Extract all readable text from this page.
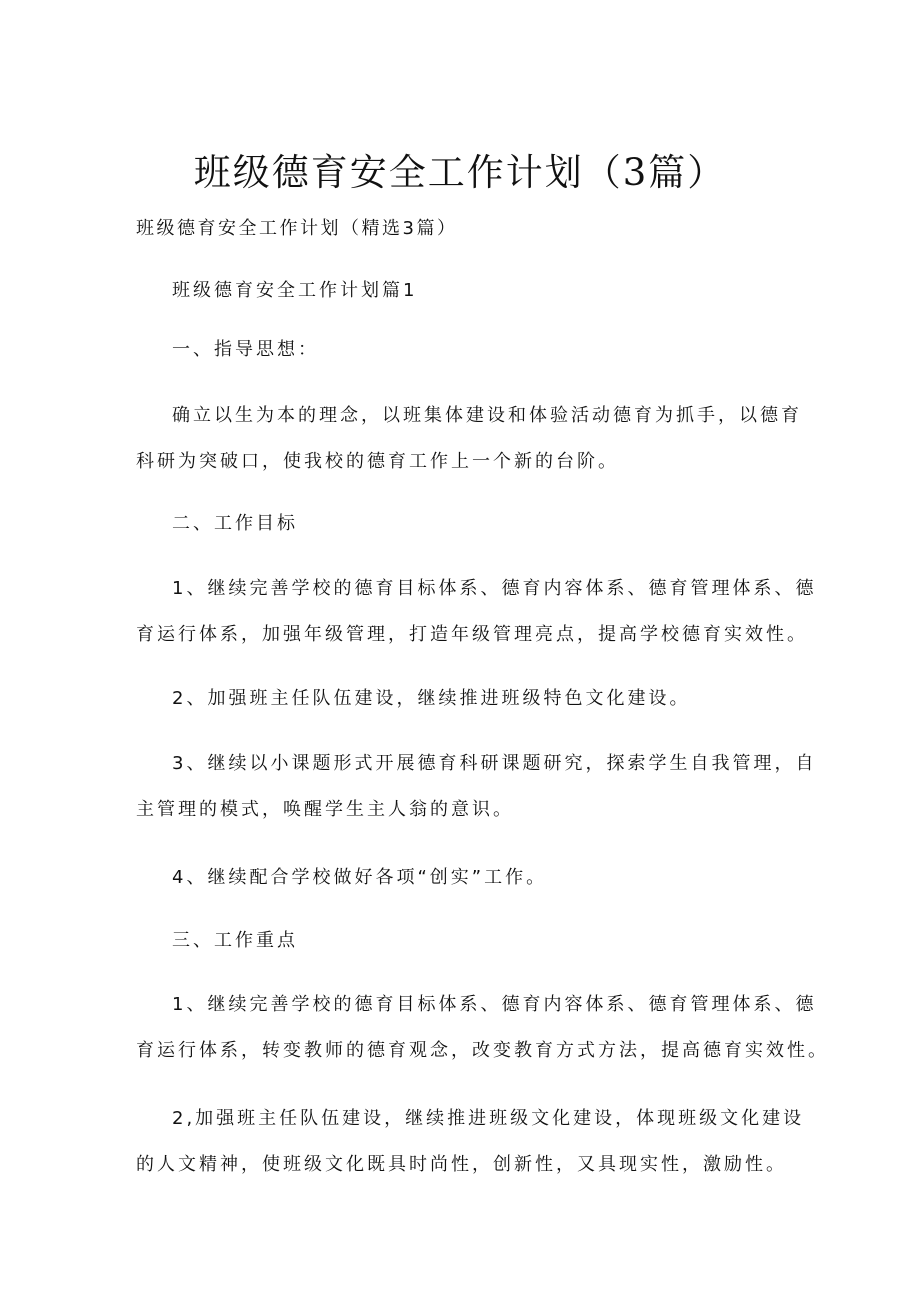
班级德育安全工作计划（3篇）

班级德育安全工作计划（精选3篇）

班级德育安全工作计划篇1

一、指导思想：

确立以生为本的理念，以班集体建设和体验活动德育为抓手，以德育
科研为突破口，使我校的德育工作上一个新的台阶。

二、工作目标

1、继续完善学校的德育目标体系、德育内容体系、德育管理体系、德
育运行体系，加强年级管理，打造年级管理亮点，提高学校德育实效性。

2、加强班主任队伍建设，继续推进班级特色文化建设。

3、继续以小课题形式开展德育科研课题研究，探索学生自我管理，自
主管理的模式，唤醒学生主人翁的意识。

4、继续配合学校做好各项“创实”工作。

三、工作重点

1、继续完善学校的德育目标体系、德育内容体系、德育管理体系、德
育运行体系，转变教师的德育观念，改变教育方式方法，提高德育实效性。
2,加强班主任队伍建设，继续推进班级文化建设，体现班级文化建设
的人文精神，使班级文化既具时尚性，创新性，又具现实性，激励性。
